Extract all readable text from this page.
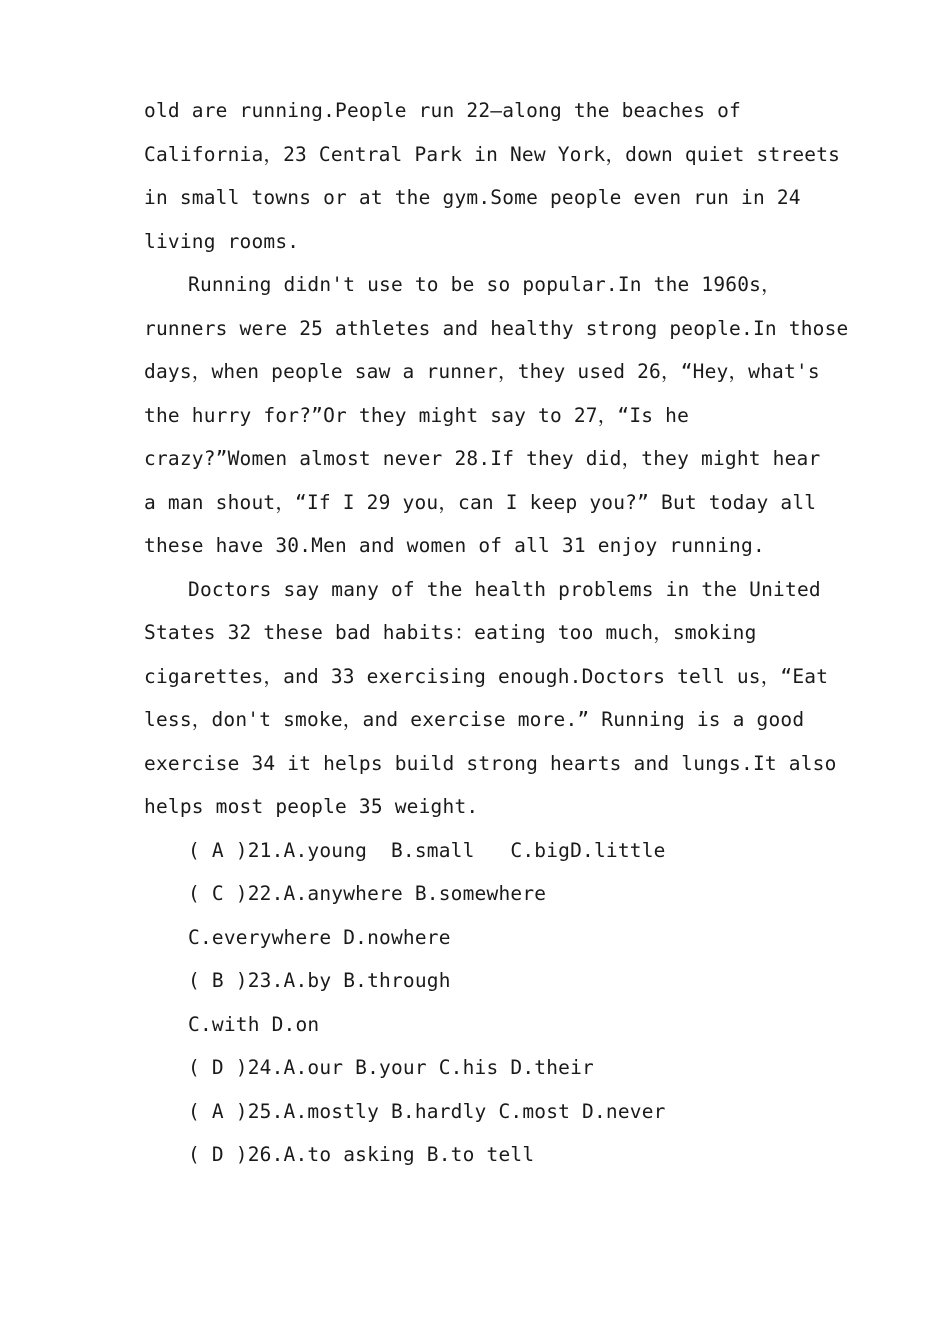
old are running.People run 22—along the beaches of
California，23 Central Park in New York，down quiet streets
in small towns or at the gym.Some people even run in 24
living rooms.
Running didn't use to be so popular.In the 1960s，
runners were 25 athletes and healthy strong people.In those
days，when people saw a runner，they used 26，“Hey，what's
the hurry for?”Or they might say to 27，“Is he
crazy?”Women almost never 28.If they did，they might hear
a man shout，“If I 29 you，can I keep you?” But today all
these have 30.Men and women of all 31 enjoy running.
Doctors say many of the health problems in the United
States 32 these bad habits：eating too much，smoking
cigarettes，and 33 exercising enough.Doctors tell us，“Eat
less，don't smoke，and exercise more.” Running is a good
exercise 34 it helps build strong hearts and lungs.It also
helps most people 35 weight.
( A )21.A.young  B.small   C.bigD.little
( C )22.A.anywhere B.somewhere
C.everywhere D.nowhere
( B )23.A.by B.through
C.with D.on
( D )24.A.our B.your C.his D.their
( A )25.A.mostly B.hardly C.most D.never
( D )26.A.to asking B.to tell
